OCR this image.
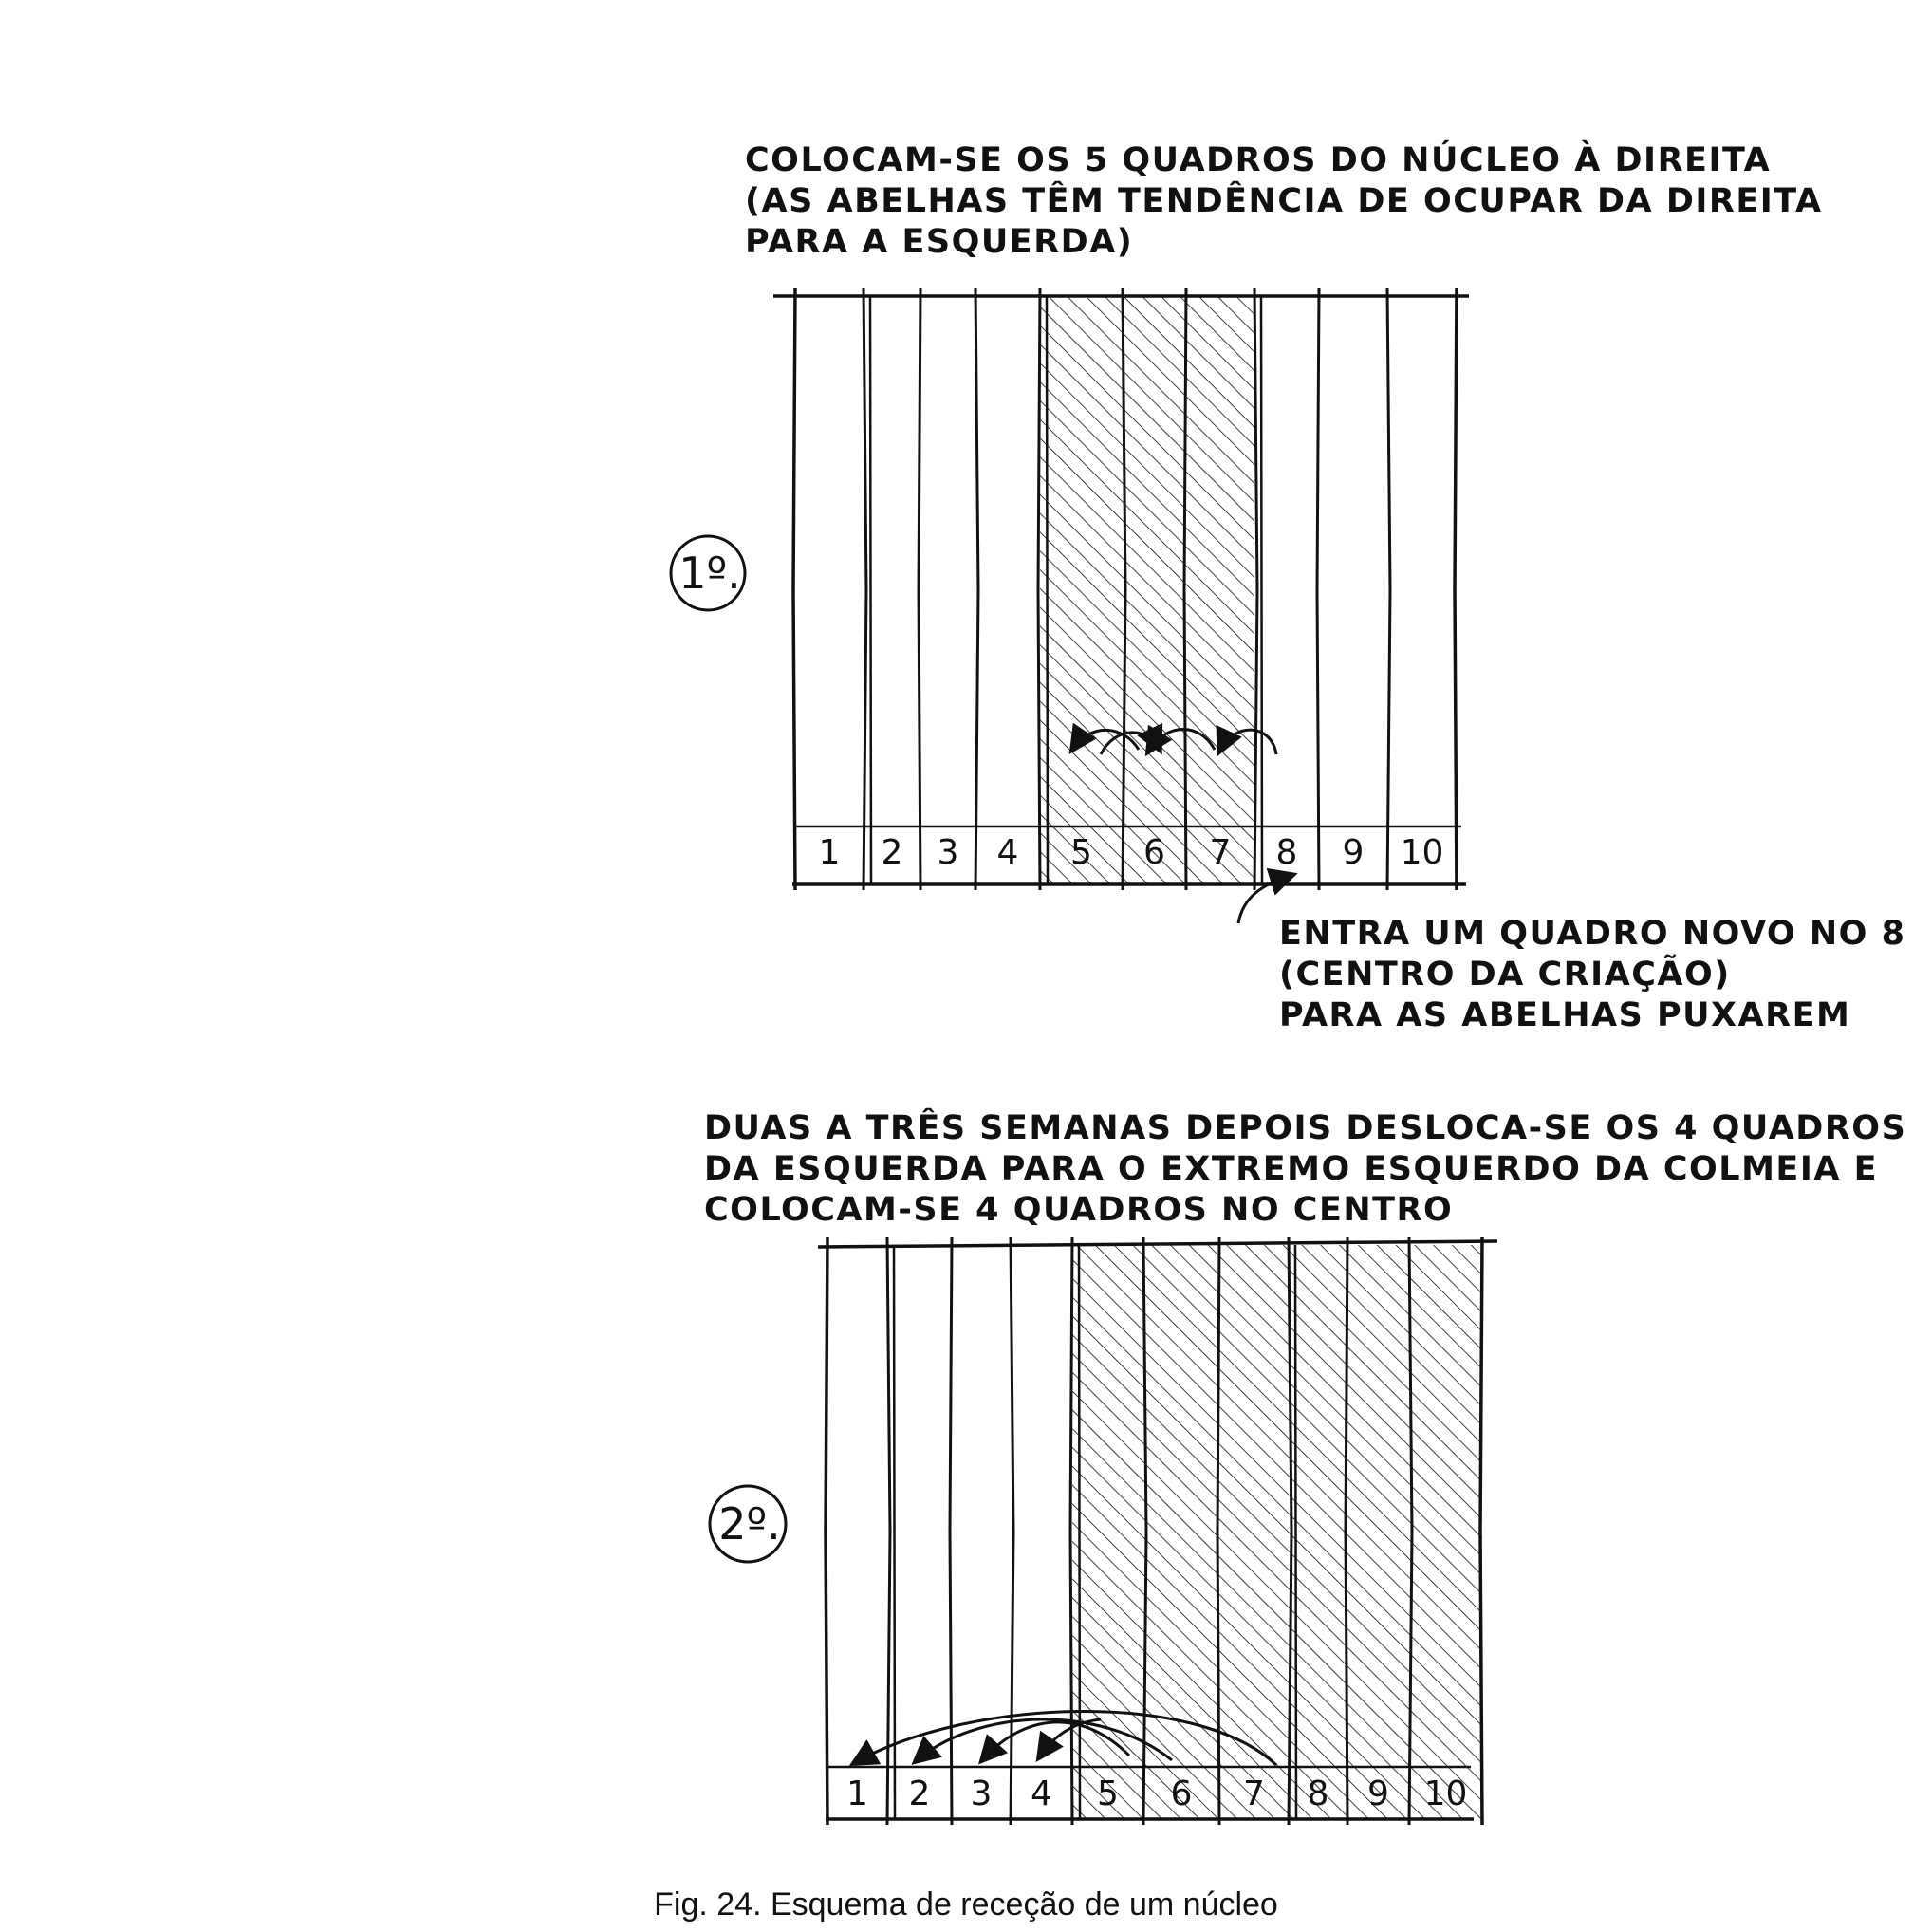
COLOCAM-SE OS 5 QUADROS DO NÚCLEO À DIREITA
(AS ABELHAS TÊM TENDÊNCIA DE OCUPAR DA DIREITA
PARA A ESQUERDA)
ENTRA UM QUADRO NOVO NO 8
(CENTRO DA CRIAÇÃO)
PARA AS ABELHAS PUXAREM
DUAS A TRÊS SEMANAS DEPOIS DESLOCA-SE OS 4 QUADROS
DA ESQUERDA PARA O EXTREMO ESQUERDO DA COLMEIA E
COLOCAM-SE 4 QUADROS NO CENTRO
1 2 3 4 5 6 7 8 9 10
1º.
1 2 3 4 5 6 7 8 9 10
2º.
Fig. 24. Esquema de receção de um núcleo
